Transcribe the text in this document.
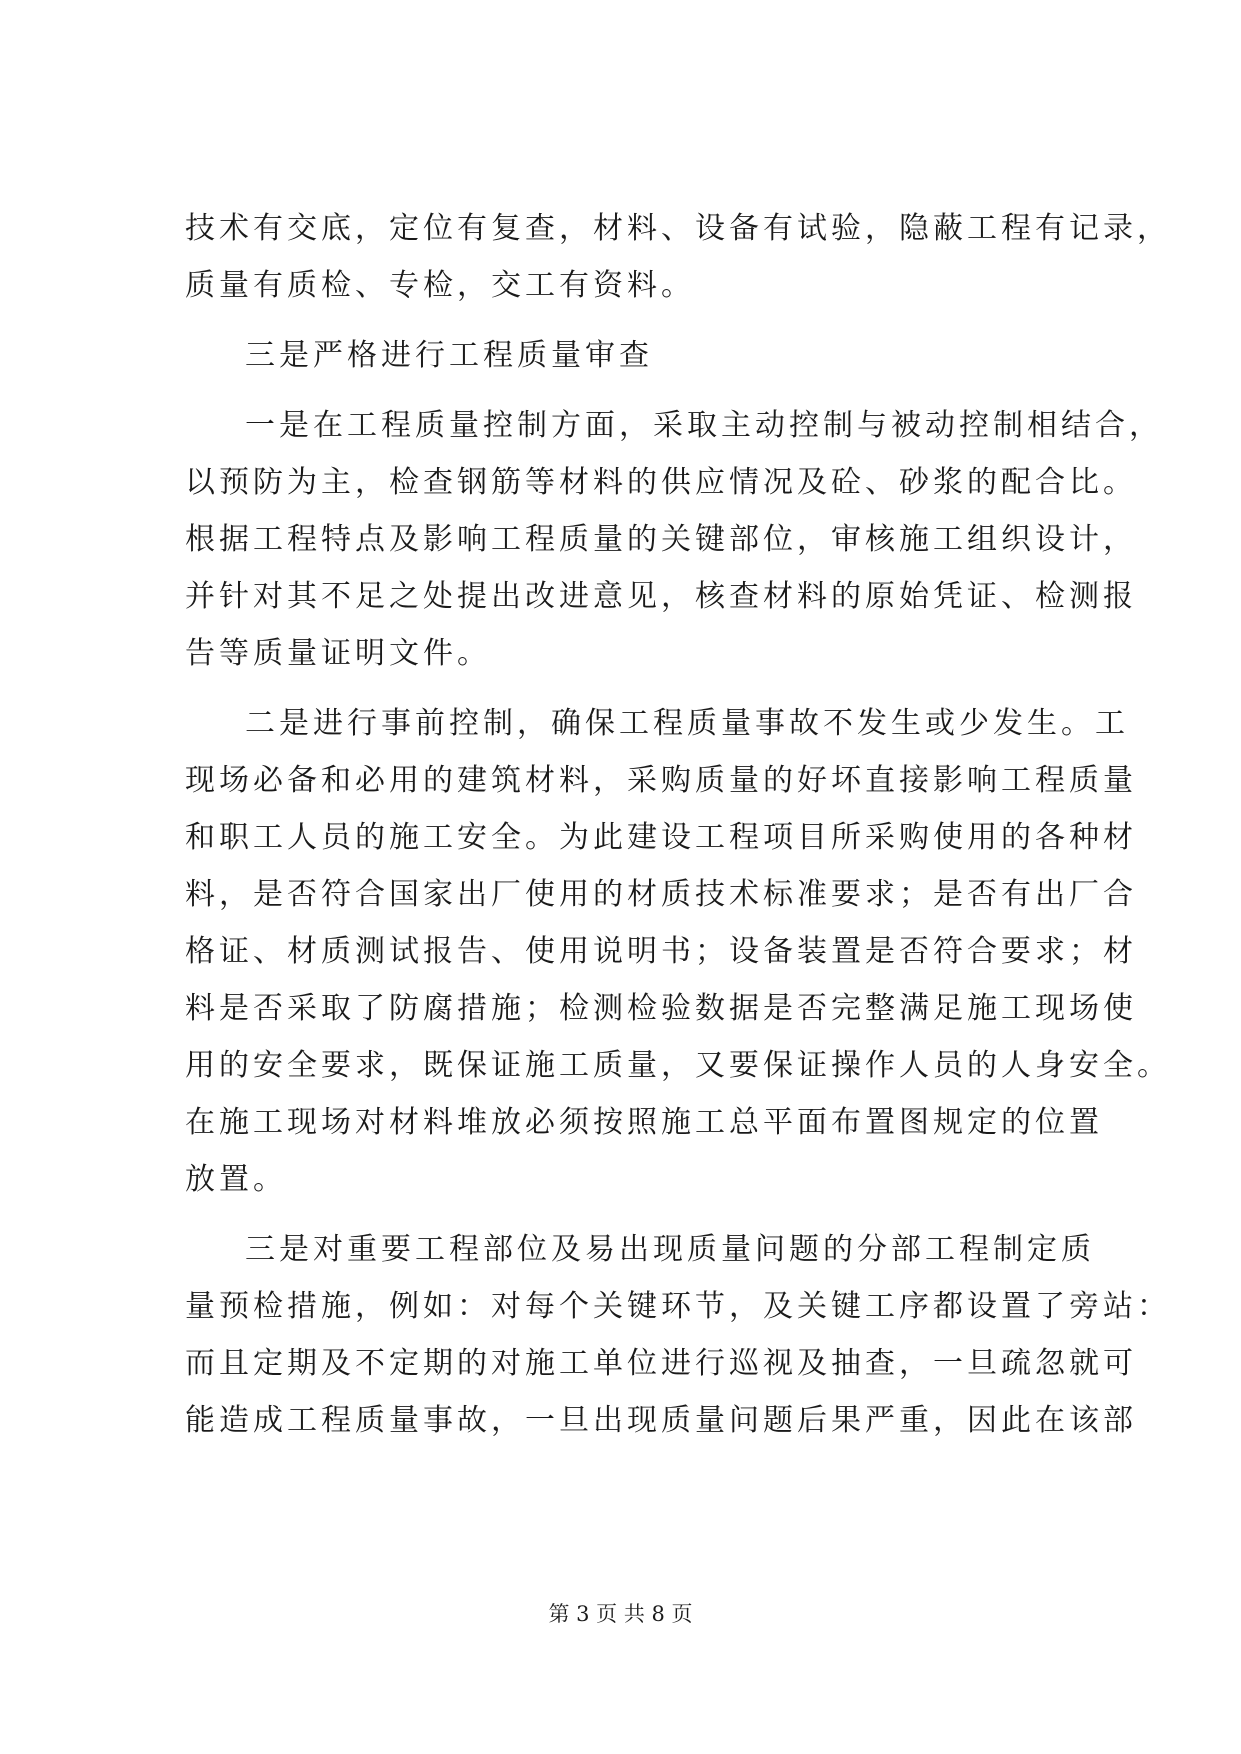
技术有交底，定位有复查，材料、设备有试验，隐蔽工程有记录，
质量有质检、专检，交工有资料。
三是严格进行工程质量审查
一是在工程质量控制方面，采取主动控制与被动控制相结合，
以预防为主，检查钢筋等材料的供应情况及砼、砂浆的配合比。
根据工程特点及影响工程质量的关键部位，审核施工组织设计，
并针对其不足之处提出改进意见，核查材料的原始凭证、检测报
告等质量证明文件。
二是进行事前控制，确保工程质量事故不发生或少发生。工
现场必备和必用的建筑材料，采购质量的好坏直接影响工程质量
和职工人员的施工安全。为此建设工程项目所采购使用的各种材
料，是否符合国家出厂使用的材质技术标准要求；是否有出厂合
格证、材质测试报告、使用说明书；设备装置是否符合要求；材
料是否采取了防腐措施；检测检验数据是否完整满足施工现场使
用的安全要求，既保证施工质量，又要保证操作人员的人身安全。
在施工现场对材料堆放必须按照施工总平面布置图规定的位置
放置。
三是对重要工程部位及易出现质量问题的分部工程制定质
量预检措施，例如：对每个关键环节，及关键工序都设置了旁站：
而且定期及不定期的对施工单位进行巡视及抽查，一旦疏忽就可
能造成工程质量事故，一旦出现质量问题后果严重，因此在该部
第 3 页 共 8 页
